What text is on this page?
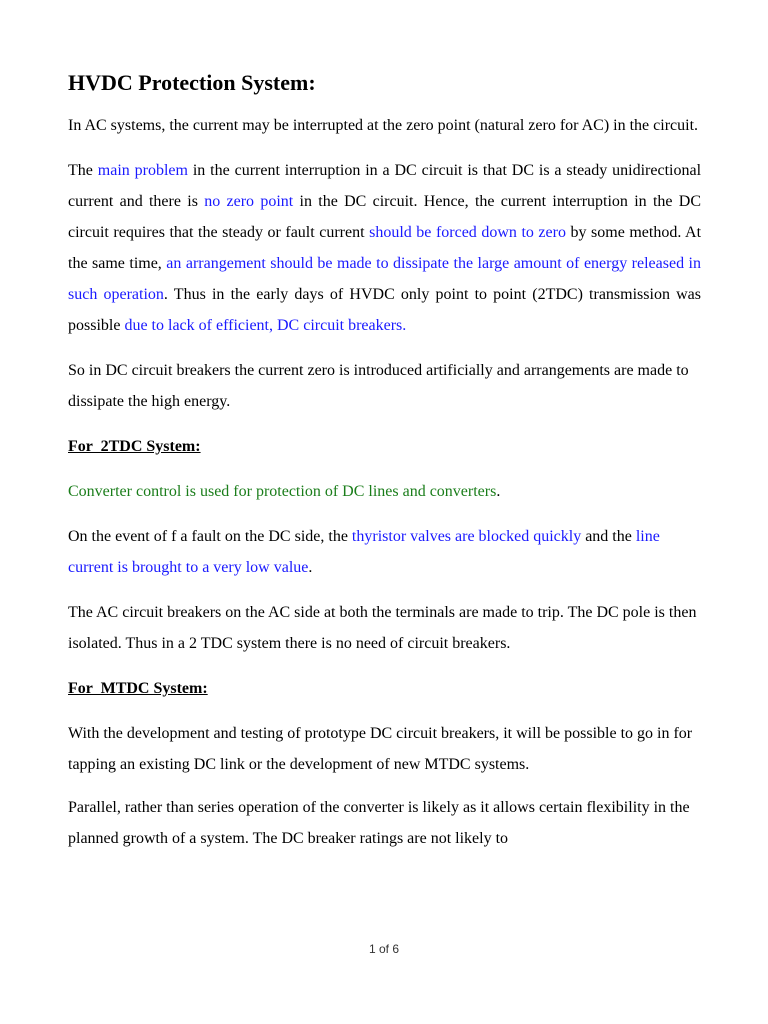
HVDC Protection System:

In AC systems, the current may be interrupted at the zero point (natural zero for AC) in the circuit.

The main problem in the current interruption in a DC circuit is that DC is a steady unidirectional current and there is no zero point in the DC circuit. Hence, the current interruption in the DC circuit requires that the steady or fault current should be forced down to zero by some method. At the same time, an arrangement should be made to dissipate the large amount of energy released in such operation. Thus in the early days of HVDC only point to point (2TDC) transmission was possible due to lack of efficient, DC circuit breakers.

So in DC circuit breakers the current zero is introduced artificially and arrangements are made to dissipate the high energy.

For  2TDC System:

Converter control is used for protection of DC lines and converters.

On the event of f a fault on the DC side, the thyristor valves are blocked quickly and the line current is brought to a very low value.

The AC circuit breakers on the AC side at both the terminals are made to trip. The DC pole is then isolated. Thus in a 2 TDC system there is no need of circuit breakers.

For  MTDC System:

With the development and testing of prototype DC circuit breakers, it will be possible to go in for tapping an existing DC link or the development of new MTDC systems.

Parallel, rather than series operation of the converter is likely as it allows certain flexibility in the planned growth of a system. The DC breaker ratings are not likely to

1 of 6
